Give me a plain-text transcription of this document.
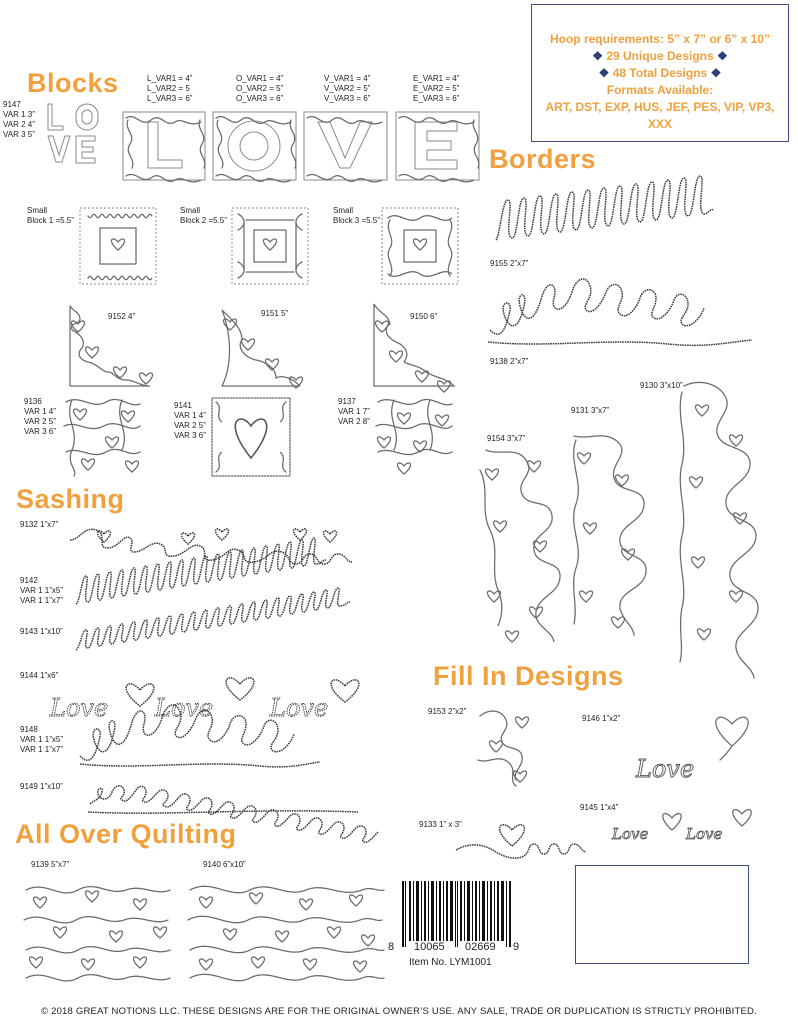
Hoop requirements: 5” x 7” or 6” x 10”
❖ 29 Unique Designs ❖
❖ 48 Total Designs ❖
Formats Available:
ART, DST, EXP, HUS, JEF, PES, VIP, VP3, XXX
Blocks
Borders
Sashing
Fill In Designs
All Over Quilting
9147
VAR 1 3”
VAR 2 4”
VAR 3 5”
L_VAR1 = 4”
L_VAR2 = 5
L_VAR3 = 6”
O_VAR1 = 4”
O_VAR2 = 5”
O_VAR3 = 6”
V_VAR1 = 4”
V_VAR2 = 5”
V_VAR3 = 6”
E_VAR1 = 4”
E_VAR2 = 5”
E_VAR3 = 6”
Small
Block 1 =5.5”
Small
Block 2 =5.5”
Small
Block 3 =5.5”
9152 4”	9151 5”	9150 6”
9136
VAR 1 4”
VAR 2 5”
VAR 3 6”
9141
VAR 1 4”
VAR 2 5”
VAR 3 6”
9137
VAR 1 7”
VAR 2 8”
9155 2”x7”
9138 2”x7”
9130 3”x10”
9131 3”x7”
9154 3”x7”
9132 1”x7”
9142
VAR 1 1”x5”
VAR 1 1”x7”
9143 1”x10”
9144 1”x6”
9148
VAR 1 1”x5”
VAR 1 1”x7”
9149 1”x10”
9153 2”x2”
9146 1”x2”
9145 1”x4”
9133 1” x 3”
9139 5”x7”	9140 6”x10”
Love Love Love
Love
Love	Love
8 10065 02669 9
Item No. LYM1001
© 2018 GREAT NOTIONS LLC. THESE DESIGNS ARE FOR THE ORIGINAL OWNER’S USE. ANY SALE, TRADE OR DUPLICATION IS STRICTLY PROHIBITED.
